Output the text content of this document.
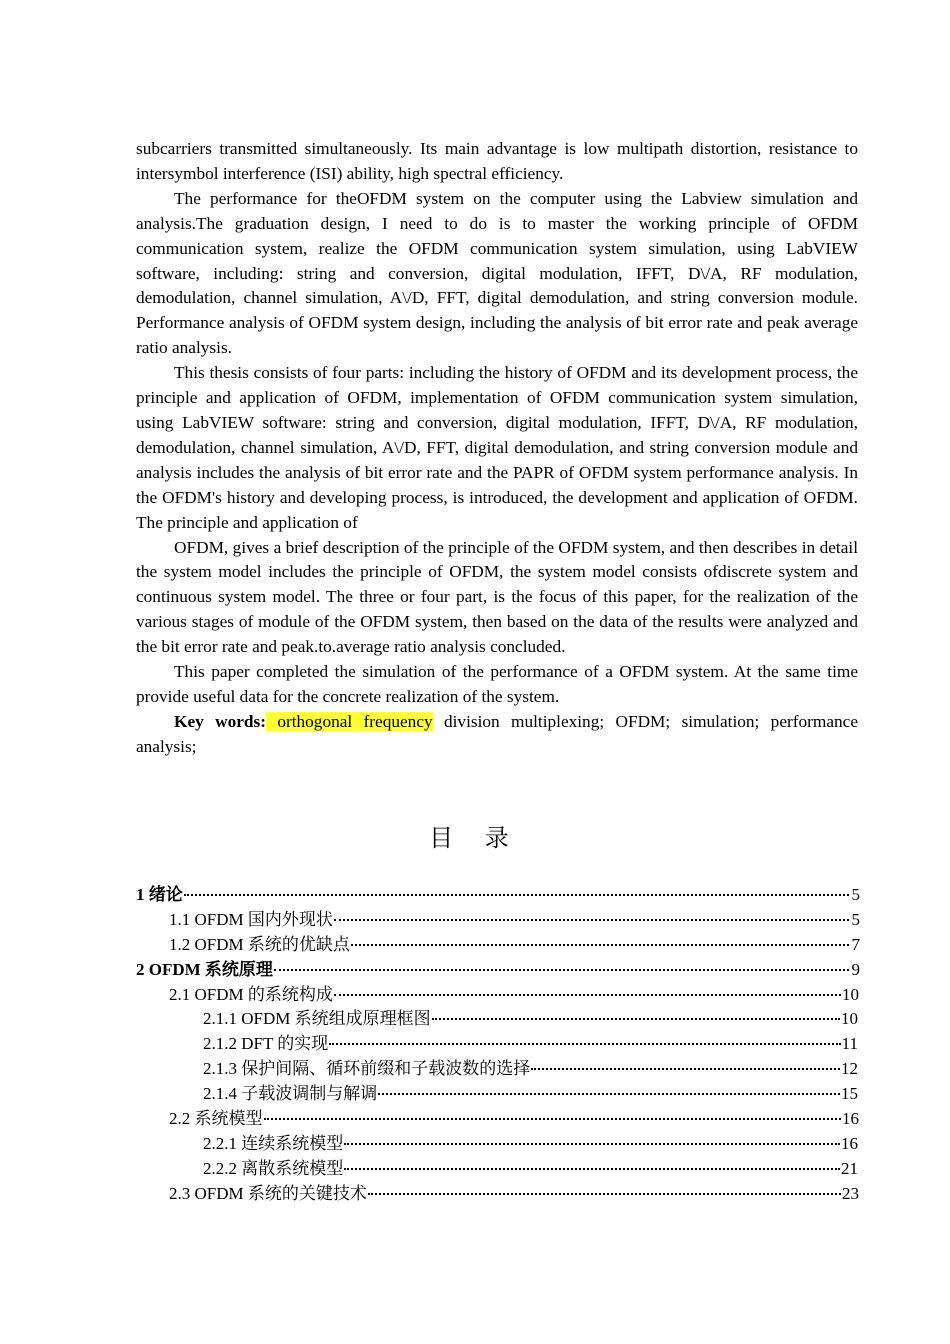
subcarriers transmitted simultaneously. Its main advantage is low multipath distortion, resistance to intersymbol interference (ISI) ability, high spectral efficiency.

The performance for theOFDM system on the computer using the Labview simulation and analysis.The graduation design, I need to do is to master the working principle of OFDM communication system, realize the OFDM communication system simulation, using LabVIEW software, including: string and conversion, digital modulation, IFFT, D\/A, RF modulation, demodulation, channel simulation, A\/D, FFT, digital demodulation, and string conversion module. Performance analysis of OFDM system design, including the analysis of bit error rate and peak average ratio analysis.

This thesis consists of four parts: including the history of OFDM and its development process, the principle and application of OFDM, implementation of OFDM communication system simulation, using LabVIEW software: string and conversion, digital modulation, IFFT, D\/A, RF modulation, demodulation, channel simulation, A\/D, FFT, digital demodulation, and string conversion module and analysis includes the analysis of bit error rate and the PAPR of OFDM system performance analysis. In the OFDM's history and developing process, is introduced, the development and application of OFDM. The principle and application of

OFDM, gives a brief description of the principle of the OFDM system, and then describes in detail the system model includes the principle of OFDM, the system model consists ofdiscrete system and continuous system model. The three or four part, is the focus of this paper, for the realization of the various stages of module of the OFDM system, then based on the data of the results were analyzed and the bit error rate and peak.to.average ratio analysis concluded.

This paper completed the simulation of the performance of a OFDM system. At the same time provide useful data for the concrete realization of the system.

Key words: orthogonal frequency division multiplexing; OFDM; simulation; performance analysis;

目 录
1 绪论	5
1.1 OFDM 国内外现状	5
1.2 OFDM 系统的优缺点	7
2 OFDM 系统原理	9
2.1 OFDM 的系统构成	10
2.1.1 OFDM 系统组成原理框图	10
2.1.2 DFT 的实现	11
2.1.3 保护间隔、循环前缀和子载波数的选择	12
2.1.4 子载波调制与解调	15
2.2 系统模型	16
2.2.1 连续系统模型	16
2.2.2 离散系统模型	21
2.3 OFDM 系统的关键技术	23
